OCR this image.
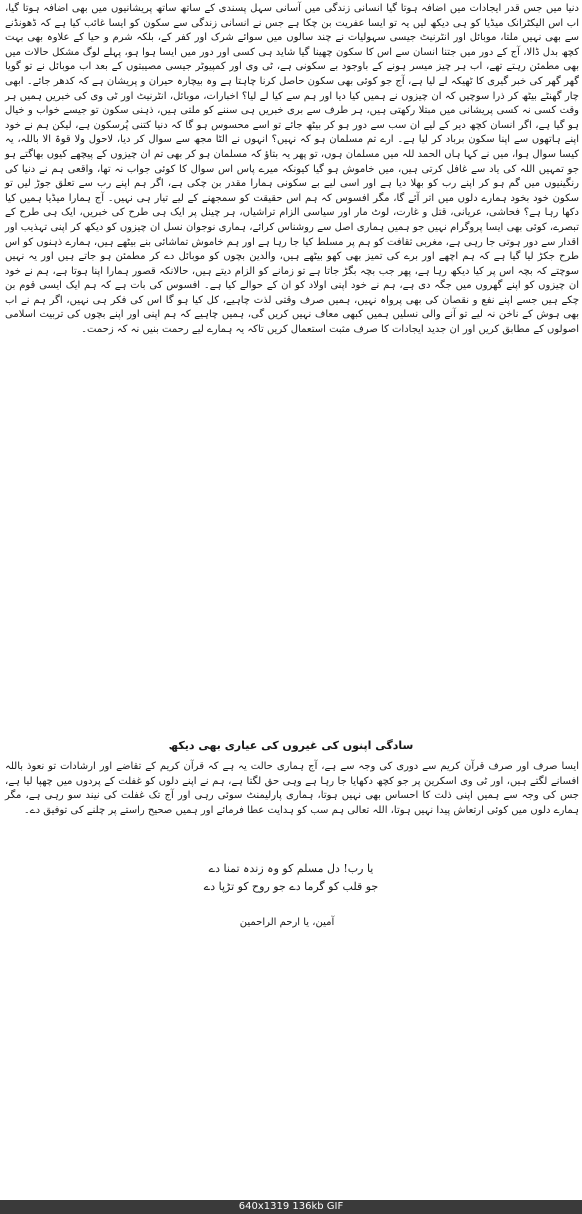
دنیا میں جس قدر ایجادات میں اضافہ ہوتا گیا انسانی زندگی میں آسانی سہل پسندی کے ساتھ ساتھ پریشانیوں میں بھی اضافہ ہوتا گیا، اب اس الیکٹرانک میڈیا کو ہی دیکھ لیں یہ تو ایسا عفریت بن چکا ہے جس نے انسانی زندگی سے سکون کو ایسا غائب کیا ہے کہ ڈھونڈنے سے بھی نہیں ملتا، موبائل اور انٹرنیٹ جیسی سہولیات نے چند سالوں میں سوائے شرک اور کفر کے، بلکہ شرم و حیا کے علاوہ بھی بہت کچھ بدل ڈالا، آج کے دور میں جتنا انسان سے اس کا سکون چھینا گیا شاید ہی کسی اور دور میں ایسا ہوا ہو، پہلے لوگ مشکل حالات میں بھی مطمئن رہتے تھے، اب ہر چیز میسر ہونے کے باوجود بے سکونی ہے، ٹی وی اور کمپیوٹر جیسی مصیبتوں کے بعد اب موبائل نے تو گویا گھر گھر کی خبر گیری کا ٹھیکہ لے لیا ہے، آج جو کوئی بھی سکون حاصل کرنا چاہتا ہے وہ بیچارہ حیران و پریشان ہے کہ کدھر جائے۔ ابھی چار گھنٹے بیٹھ کر ذرا سوچیں کہ ان چیزوں نے ہمیں کیا دیا اور ہم سے کیا لے لیا؟ اخبارات، موبائل، انٹرنیٹ اور ٹی وی کی خبریں ہمیں ہر وقت کسی نہ کسی پریشانی میں مبتلا رکھتی ہیں، ہر طرف سے بری خبریں ہی سننے کو ملتی ہیں، ذہنی سکون تو جیسے خواب و خیال ہو گیا ہے، اگر انسان کچھ دیر کے لیے ان سب سے دور ہو کر بیٹھ جائے تو اسے محسوس ہو گا کہ دنیا کتنی پُرسکون ہے، لیکن ہم نے خود اپنے ہاتھوں سے اپنا سکون برباد کر لیا ہے۔ ارے تم مسلمان ہو کہ نہیں؟ انہوں نے الٹا مجھ سے سوال کر دیا، لاحول ولا قوۃ الا باللہ، یہ کیسا سوال ہوا، میں نے کہا ہاں الحمد للہ میں مسلمان ہوں، تو پھر یہ بتاؤ کہ مسلمان ہو کر بھی تم ان چیزوں کے پیچھے کیوں بھاگتے ہو جو تمہیں اللہ کی یاد سے غافل کرتی ہیں، میں خاموش ہو گیا کیونکہ میرے پاس اس سوال کا کوئی جواب نہ تھا، واقعی ہم نے دنیا کی رنگینیوں میں گم ہو کر اپنے رب کو بھلا دیا ہے اور اسی لیے بے سکونی ہمارا مقدر بن چکی ہے، اگر ہم اپنے رب سے تعلق جوڑ لیں تو سکون خود بخود ہمارے دلوں میں اتر آئے گا، مگر افسوس کہ ہم اس حقیقت کو سمجھنے کے لیے تیار ہی نہیں۔ آج ہمارا میڈیا ہمیں کیا دکھا رہا ہے؟ فحاشی، عریانی، قتل و غارت، لوٹ مار اور سیاسی الزام تراشیاں، ہر چینل پر ایک ہی طرح کی خبریں، ایک ہی طرح کے تبصرے، کوئی بھی ایسا پروگرام نہیں جو ہمیں ہماری اصل سے روشناس کرائے، ہماری نوجوان نسل ان چیزوں کو دیکھ کر اپنی تہذیب اور اقدار سے دور ہوتی جا رہی ہے، مغربی ثقافت کو ہم پر مسلط کیا جا رہا ہے اور ہم خاموش تماشائی بنے بیٹھے ہیں، ہمارے ذہنوں کو اس طرح جکڑ لیا گیا ہے کہ ہم اچھے اور برے کی تمیز بھی کھو بیٹھے ہیں، والدین بچوں کو موبائل دے کر مطمئن ہو جاتے ہیں اور یہ نہیں سوچتے کہ بچہ اس پر کیا دیکھ رہا ہے، پھر جب بچہ بگڑ جاتا ہے تو زمانے کو الزام دیتے ہیں، حالانکہ قصور ہمارا اپنا ہوتا ہے، ہم نے خود ان چیزوں کو اپنے گھروں میں جگہ دی ہے، ہم نے خود اپنی اولاد کو ان کے حوالے کیا ہے۔ افسوس کی بات ہے کہ ہم ایک ایسی قوم بن چکے ہیں جسے اپنے نفع و نقصان کی بھی پرواہ نہیں، ہمیں صرف وقتی لذت چاہیے، کل کیا ہو گا اس کی فکر ہی نہیں، اگر ہم نے اب بھی ہوش کے ناخن نہ لیے تو آنے والی نسلیں ہمیں کبھی معاف نہیں کریں گی، ہمیں چاہیے کہ ہم اپنی اور اپنے بچوں کی تربیت اسلامی اصولوں کے مطابق کریں اور ان جدید ایجادات کا صرف مثبت استعمال کریں تاکہ یہ ہمارے لیے رحمت بنیں نہ کہ زحمت۔

سادگی اپنوں کی غیروں کی عیاری بھی دیکھ

ایسا صرف اور صرف قرآن کریم سے دوری کی وجہ سے ہے، آج ہماری حالت یہ ہے کہ قرآن کریم کے تقاضے اور ارشادات تو نعوذ باللہ افسانے لگتے ہیں، اور ٹی وی اسکرین پر جو کچھ دکھایا جا رہا ہے وہی حق لگتا ہے، ہم نے اپنے دلوں کو غفلت کے پردوں میں چھپا لیا ہے، جس کی وجہ سے ہمیں اپنی ذلت کا احساس بھی نہیں ہوتا، ہماری پارلیمنٹ سوئی رہی اور آج تک غفلت کی نیند سو رہی ہے، مگر ہمارے دلوں میں کوئی ارتعاش پیدا نہیں ہوتا، اللہ تعالی ہم سب کو ہدایت عطا فرمائے اور ہمیں صحیح راستے پر چلنے کی توفیق دے۔

یا رب! دل مسلم کو وہ زندہ تمنا دے
جو قلب کو گرما دے جو روح کو تڑپا دے
آمین، یا ارحم الراحمین
640x1319 136kb GIF
